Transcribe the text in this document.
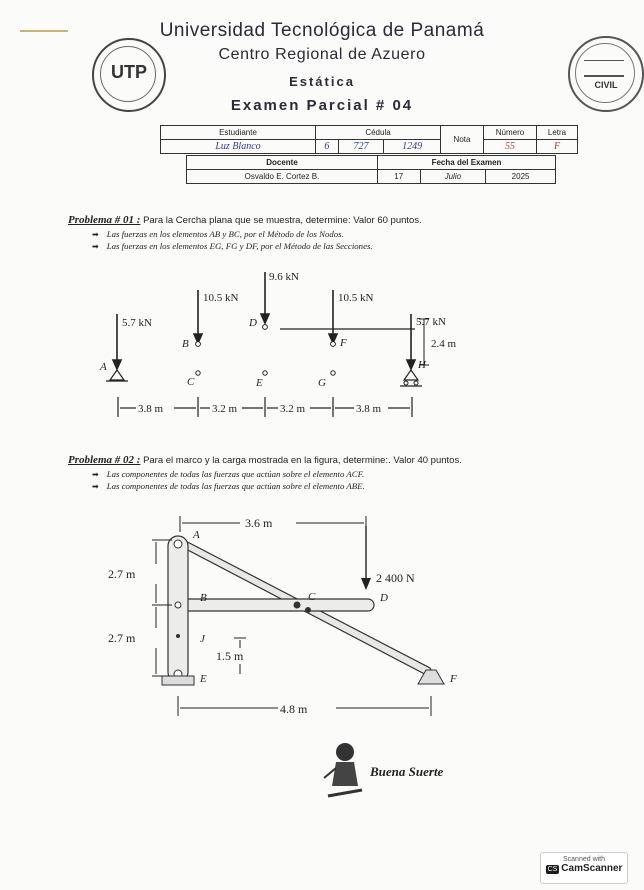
UTP
CIVIL
Universidad Tecnológica de Panamá
Centro Regional de Azuero
Estática
Examen Parcial # 04
Estudiante	Cédula			Nota	Número	Letra
Luz Blanco	6	727	1249		55	F
Docente	Fecha del Examen		
Osvaldo E. Cortez B.	17	Julio	2025
Problema # 01 : Para la Cercha plana que se muestra, determine: Valor 60 puntos.
➡ Las fuerzas en los elementos AB y BC, por el Método de los Nodos.
➡ Las fuerzas en los elementos EG, FG y DF, por el Método de las Secciones.
5.7 kN
10.5 kN
9.6 kN
10.5 kN
5.7 kN
2.4 m
3.8 m	3.2 m	3.2 m	3.8 m
A
B
C
D
E
F
G
H
Problema # 02 : Para el marco y la carga mostrada en la figura, determine:. Valor 40 puntos.
➡ Las componentes de todas las fuerzas que actúan sobre el elemento ACF.
➡ Las componentes de todas las fuerzas que actúan sobre el elemento ABE.
3.6 m
2 400 N
2.7 m
2.7 m
1.5 m
4.8 m
A
B	C	D
J
E	F
Buena Suerte
Scanned with
CS CamScanner
